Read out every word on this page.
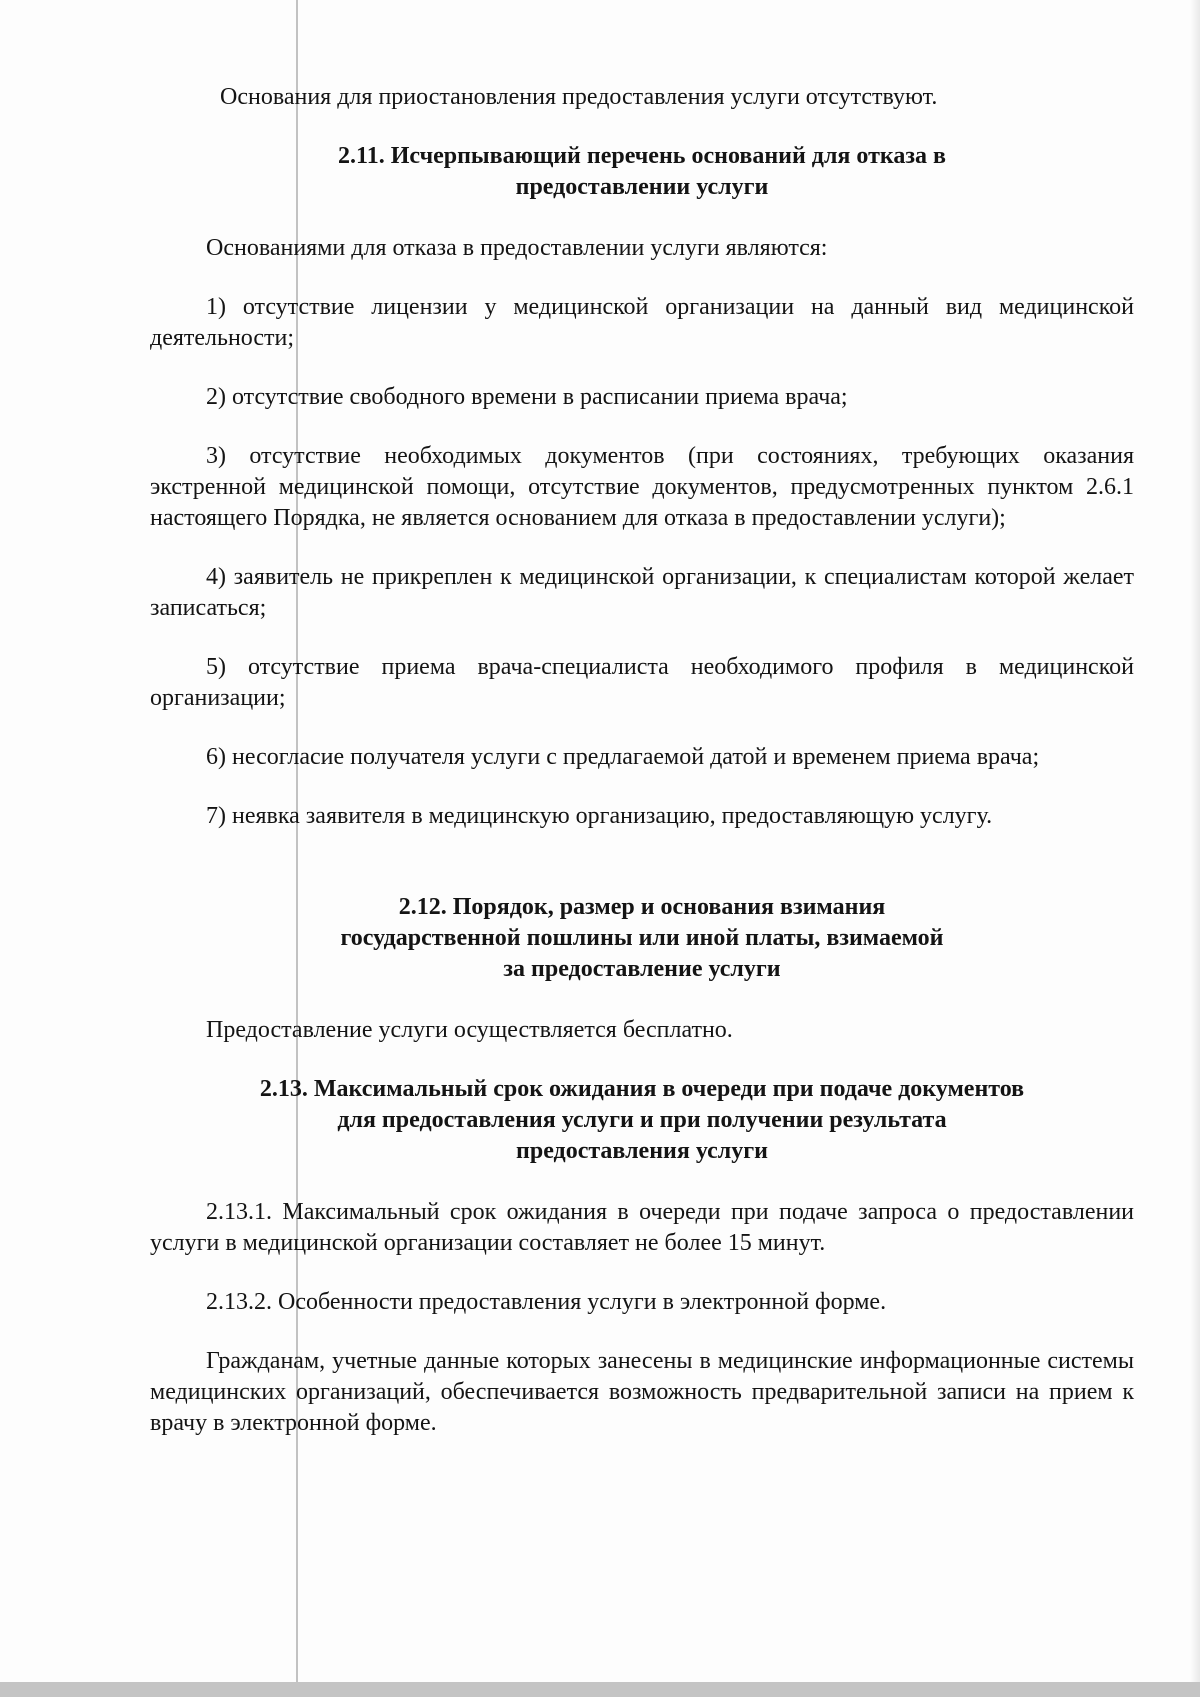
Основания для приостановления предоставления услуги отсутствуют.

2.11. Исчерпывающий перечень оснований для отказа в предоставлении услуги

Основаниями для отказа в предоставлении услуги являются:

1) отсутствие лицензии у медицинской организации на данный вид медицинской деятельности;

2) отсутствие свободного времени в расписании приема врача;

3) отсутствие необходимых документов (при состояниях, требующих оказания экстренной медицинской помощи, отсутствие документов, предусмотренных пунктом 2.6.1 настоящего Порядка, не является основанием для отказа в предоставлении услуги);

4) заявитель не прикреплен к медицинской организации, к специалистам которой желает записаться;

5) отсутствие приема врача-специалиста необходимого профиля в медицинской организации;

6) несогласие получателя услуги с предлагаемой датой и временем приема врача;

7) неявка заявителя в медицинскую организацию, предоставляющую услугу.

2.12. Порядок, размер и основания взимания государственной пошлины или иной платы, взимаемой за предоставление услуги

Предоставление услуги осуществляется бесплатно.

2.13. Максимальный срок ожидания в очереди при подаче документов для предоставления услуги и при получении результата предоставления услуги

2.13.1. Максимальный срок ожидания в очереди при подаче запроса о предоставлении услуги в медицинской организации составляет не более 15 минут.

2.13.2. Особенности предоставления услуги в электронной форме.

Гражданам, учетные данные которых занесены в медицинские информационные системы медицинских организаций, обеспечивается возможность предварительной записи на прием к врачу в электронной форме.
